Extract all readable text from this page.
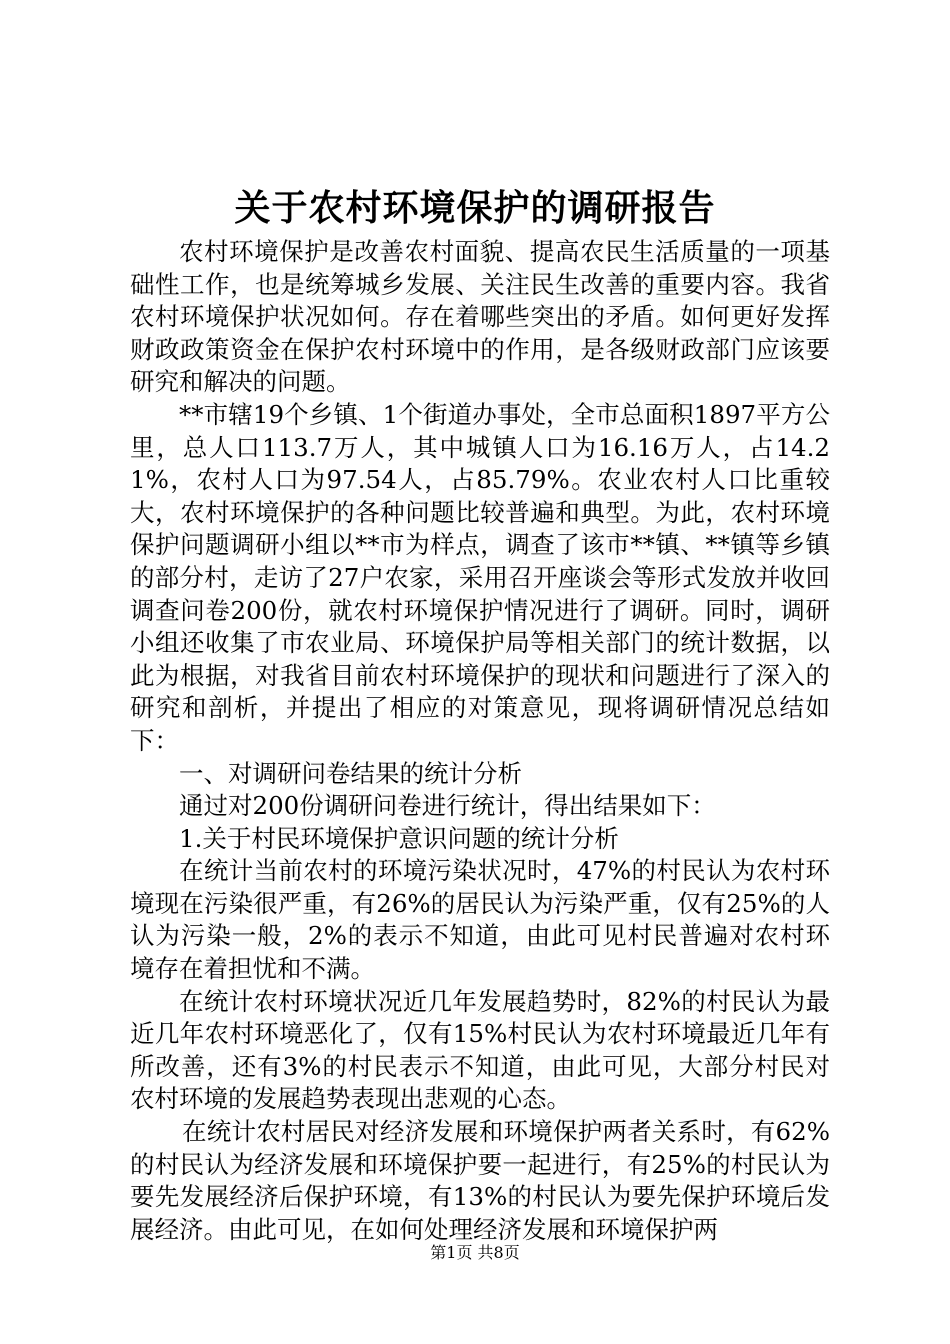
关于农村环境保护的调研报告

农村环境保护是改善农村面貌、提高农民生活质量的一项基础性工作，也是统筹城乡发展、关注民生改善的重要内容。我省农村环境保护状况如何。存在着哪些突出的矛盾。如何更好发挥财政政策资金在保护农村环境中的作用，是各级财政部门应该要研究和解决的问题。

**市辖19个乡镇、1个街道办事处，全市总面积1897平方公里，总人口113.7万人，其中城镇人口为16.16万人，占14.21%，农村人口为97.54人，占85.79%。农业农村人口比重较大，农村环境保护的各种问题比较普遍和典型。为此，农村环境保护问题调研小组以**市为样点，调查了该市**镇、**镇等乡镇的部分村，走访了27户农家，采用召开座谈会等形式发放并收回调查问卷200份，就农村环境保护情况进行了调研。同时，调研小组还收集了市农业局、环境保护局等相关部门的统计数据，以此为根据，对我省目前农村环境保护的现状和问题进行了深入的研究和剖析，并提出了相应的对策意见，现将调研情况总结如下：

一、对调研问卷结果的统计分析

通过对200份调研问卷进行统计，得出结果如下：

1.关于村民环境保护意识问题的统计分析

在统计当前农村的环境污染状况时，47%的村民认为农村环境现在污染很严重，有26%的居民认为污染严重，仅有25%的人认为污染一般，2%的表示不知道，由此可见村民普遍对农村环境存在着担忧和不满。

在统计农村环境状况近几年发展趋势时，82%的村民认为最近几年农村环境恶化了，仅有15%村民认为农村环境最近几年有所改善，还有3%的村民表示不知道，由此可见，大部分村民对农村环境的发展趋势表现出悲观的心态。

在统计农村居民对经济发展和环境保护两者关系时，有62%的村民认为经济发展和环境保护要一起进行，有25%的村民认为要先发展经济后保护环境，有13%的村民认为要先保护环境后发展经济。由此可见，在如何处理经济发展和环境保护两

第1页 共8页
